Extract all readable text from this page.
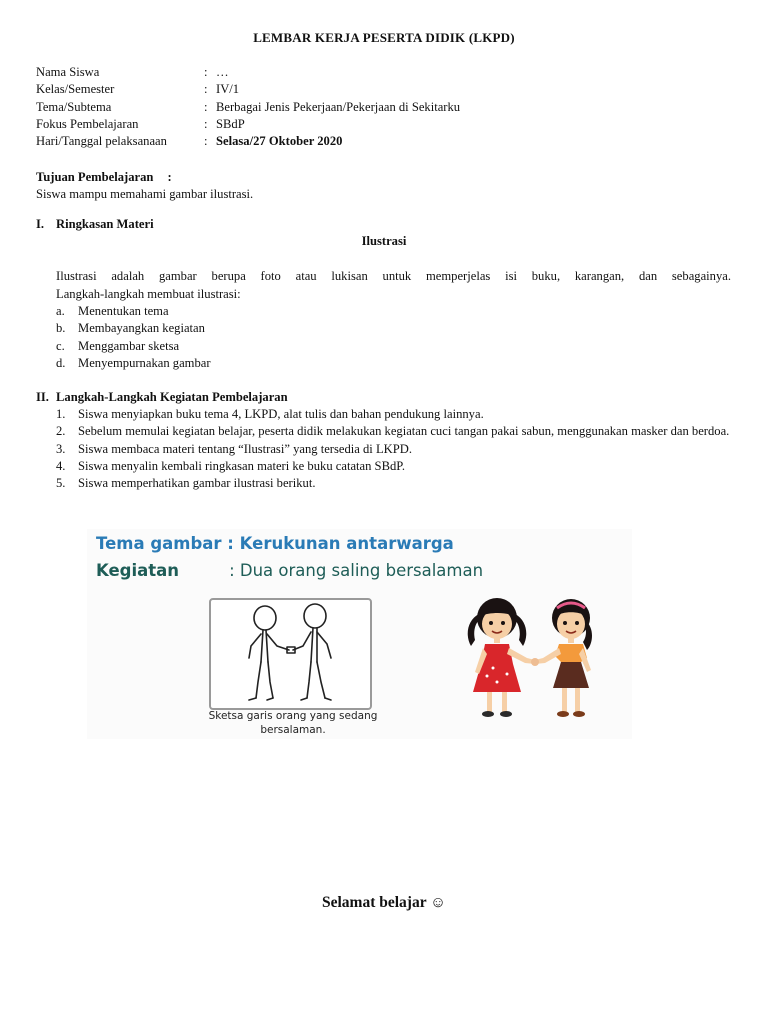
LEMBAR KERJA PESERTA DIDIK (LKPD)
Nama Siswa	: …
Kelas/Semester	: IV/1
Tema/Subtema	: Berbagai Jenis Pekerjaan/Pekerjaan di Sekitarku
Fokus Pembelajaran	: SBdP
Hari/Tanggal pelaksanaan	: Selasa/27 Oktober 2020
Tujuan Pembelajaran :
Siswa mampu memahami gambar ilustrasi.
I. Ringkasan Materi
Ilustrasi
Ilustrasi adalah gambar berupa foto atau lukisan untuk memperjelas isi buku, karangan, dan sebagainya.
Langkah-langkah membuat ilustrasi:
a.	Menentukan tema
b. Membayangkan kegiatan
c.	Menggambar sketsa
d. Menyempurnakan gambar
II. Langkah-Langkah Kegiatan Pembelajaran
1. Siswa menyiapkan buku tema 4, LKPD, alat tulis dan bahan pendukung lainnya.
2. Sebelum memulai kegiatan belajar, peserta didik melakukan kegiatan cuci tangan pakai sabun, menggunakan masker dan berdoa.
3. Siswa membaca materi tentang “Ilustrasi” yang tersedia di LKPD.
4. Siswa menyalin kembali ringkasan materi ke buku catatan SBdP.
5. Siswa memperhatikan gambar ilustrasi berikut.
Tema gambar : Kerukunan antarwarga
Kegiatan	: Dua orang saling bersalaman
Sketsa garis orang yang sedang bersalaman.
Selamat belajar ☺
